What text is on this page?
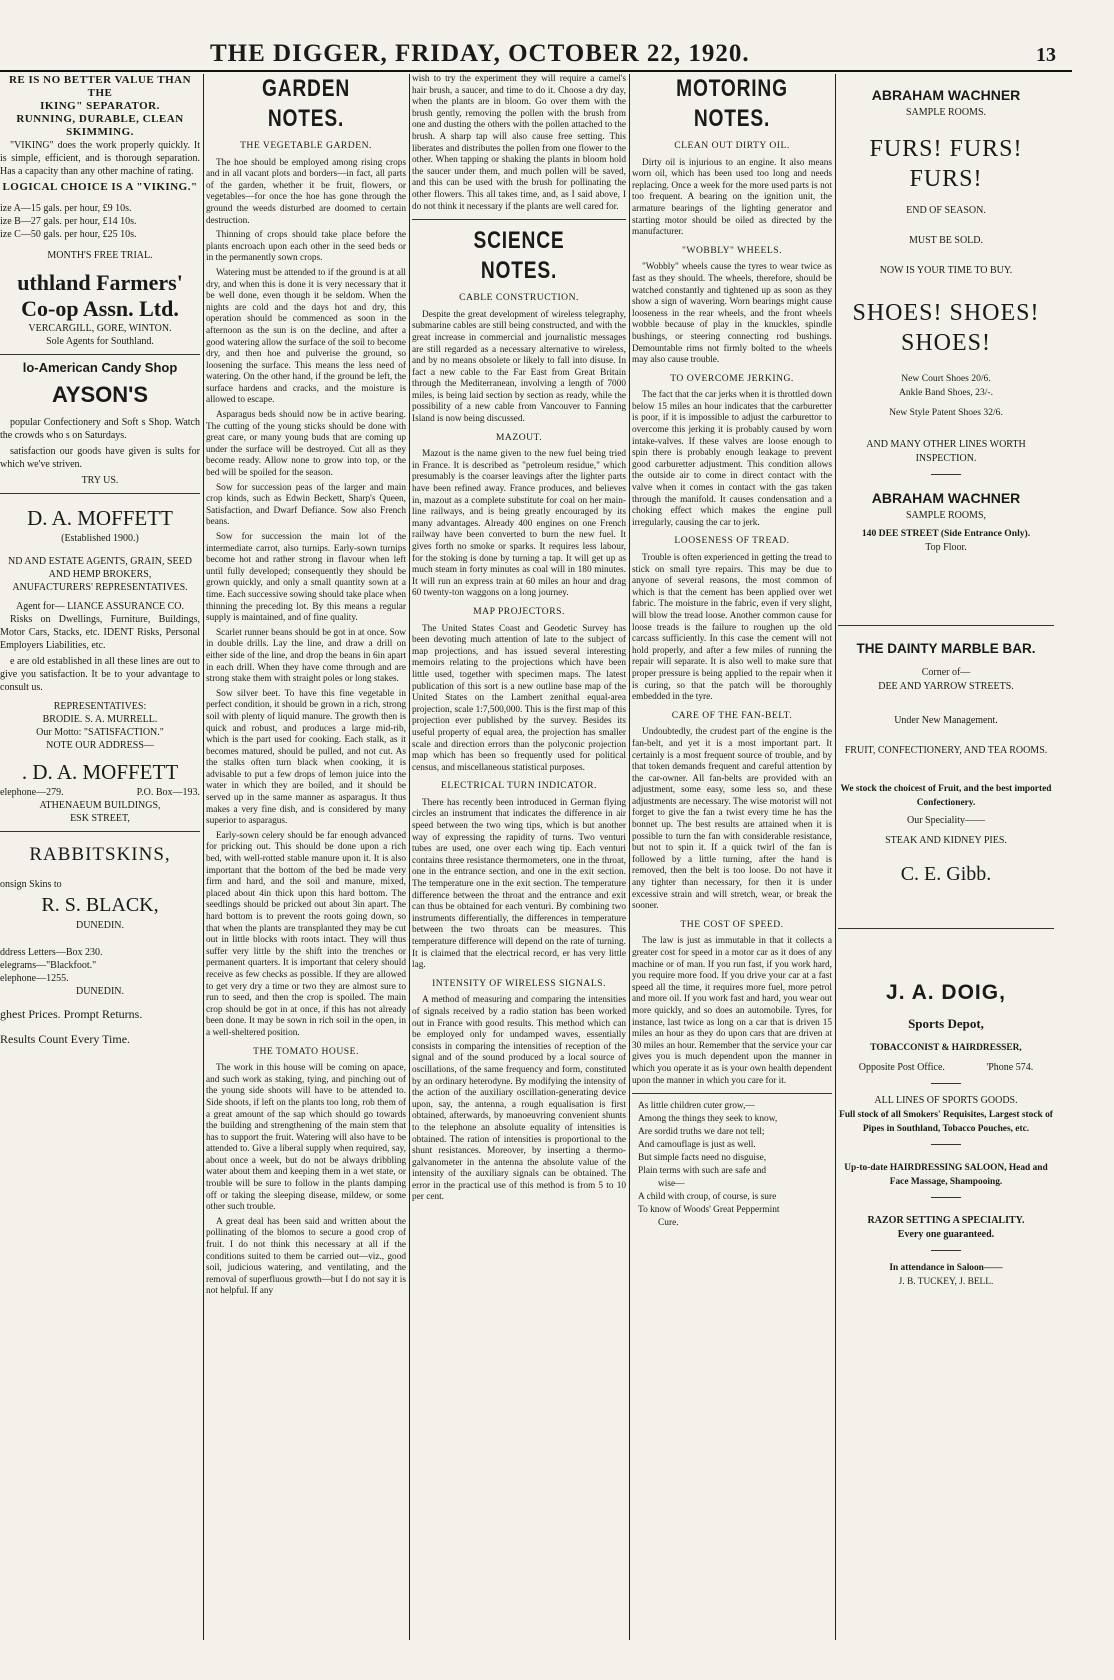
THE DIGGER, FRIDAY, OCTOBER 22, 1920.	13
RE IS NO BETTER VALUE THAN
THE
IKING" SEPARATOR.
RUNNING, DURABLE, CLEAN SKIMMING.

"VIKING" does the work properly quickly. It is simple, efficient, and is thorough separation. Has a capacity than any other machine of rating.

LOGICAL CHOICE IS A "VIKING."
ize A—15 gals. per hour, £9 10s.
ize B—27 gals. per hour, £14 10s.
ize C—50 gals. per hour, £25 10s.
MONTH'S FREE TRIAL.
uthland Farmers'
Co-op Assn. Ltd.
VERCARGILL, GORE, WINTON.
Sole Agents for Southland.
lo-American Candy Shop
AYSON'S

popular Confectionery and Soft s Shop. Watch the crowds who s on Saturdays.

satisfaction our goods have given is sults for which we've striven.

TRY US.
D. A. MOFFETT
(Established 1900.)
ND AND ESTATE AGENTS, GRAIN, SEED AND HEMP BROKERS,
ANUFACTURERS' REPRESENTATIVES.
Agent for— LIANCE ASSURANCE CO.

Risks on Dwellings, Furniture, Buildings, Motor Cars, Stacks, etc. IDENT Risks, Personal Employers Liabilities, etc.

e are old established in all these lines are out to give you satisfaction. It be to your advantage to consult us.

REPRESENTATIVES:
BRODIE. S. A. MURRELL.
Our Motto: "SATISFACTION."
NOTE OUR ADDRESS—
. D. A. MOFFETT
elephone—279.	P.O. Box—193.
ATHENAEUM BUILDINGS,
ESK STREET,
RABBITSKINS,
onsign Skins to
R. S. BLACK,
DUNEDIN.
ddress Letters—Box 230.
elegrams—"Blackfoot."
elephone—1255.
DUNEDIN.
ghest Prices. Prompt Returns.
Results Count Every Time.
GARDEN NOTES.
THE VEGETABLE GARDEN.

The hoe should be employed among rising crops and in all vacant plots and borders—in fact, all parts of the garden, whether it be fruit, flowers, or vegetables—for once the hoe has gone through the ground the weeds disturbed are doomed to certain destruction.

Thinning of crops should take place before the plants encroach upon each other in the seed beds or in the permanently sown crops.

Watering must be attended to if the ground is at all dry, and when this is done it is very necessary that it be well done, even though it be seldom. When the nights are cold and the days hot and dry, this operation should be commenced as soon in the afternoon as the sun is on the decline, and after a good watering allow the surface of the soil to become dry, and then hoe and pulverise the ground, so loosening the surface. This means the less need of watering. On the other hand, if the ground be left, the surface hardens and cracks, and the moisture is allowed to escape.

Asparagus beds should now be in active bearing. The cutting of the young sticks should be done with great care, or many young buds that are coming up under the surface will be destroyed. Cut all as they become ready. Allow none to grow into top, or the bed will be spoiled for the season.

Sow for succession peas of the larger and main crop kinds, such as Edwin Beckett, Sharp's Queen, Satisfaction, and Dwarf Defiance. Sow also French beans.

Sow for succession the main lot of the intermediate carrot, also turnips. Early-sown turnips become hot and rather strong in flavour when left until fully developed; consequently they should be grown quickly, and only a small quantity sown at a time. Each successive sowing should take place when thinning the preceding lot. By this means a regular supply is maintained, and of fine quality.

Scarlet runner beans should be got in at once. Sow in double drills. Lay the line, and draw a drill on either side of the line, and drop the beans in 6in apart in each drill. When they have come through and are strong stake them with straight poles or long stakes.

Sow silver beet. To have this fine vegetable in perfect condition, it should be grown in a rich, strong soil with plenty of liquid manure. The growth then is quick and robust, and produces a large mid-rib, which is the part used for cooking. Each stalk, as it becomes matured, should be pulled, and not cut. As the stalks often turn black when cooking, it is advisable to put a few drops of lemon juice into the water in which they are boiled, and it should be served up in the same manner as asparagus. It thus makes a very fine dish, and is considered by many superior to asparagus.

Early-sown celery should be far enough advanced for pricking out. This should be done upon a rich bed, with well-rotted stable manure upon it. It is also important that the bottom of the bed be made very firm and hard, and the soil and manure, mixed, placed about 4in thick upon this hard bottom. The seedlings should be pricked out about 3in apart. The hard bottom is to prevent the roots going down, so that when the plants are transplanted they may be cut out in little blocks with roots intact. They will thus suffer very little by the shift into the trenches or permanent quarters. It is important that celery should receive as few checks as possible. If they are allowed to get very dry a time or two they are almost sure to run to seed, and then the crop is spoiled. The main crop should be got in at once, if this has not already been done. It may be sown in rich soil in the open, in a well-sheltered position.

THE TOMATO HOUSE.

The work in this house will be coming on apace, and such work as staking, tying, and pinching out of the young side shoots will have to be attended to. Side shoots, if left on the plants too long, rob them of a great amount of the sap which should go towards the building and strengthening of the main stem that has to support the fruit. Watering will also have to be attended to. Give a liberal supply when required, say, about once a week, but do not be always dribbling water about them and keeping them in a wet state, or trouble will be sure to follow in the plants damping off or taking the sleeping disease, mildew, or some other such trouble.

A great deal has been said and written about the pollinating of the blomos to secure a good crop of fruit. I do not think this necessary at all if the conditions suited to them be carried out—viz., good soil, judicious watering, and ventilating, and the removal of superfluous growth—but I do not say it is not helpful. If any

wish to try the experiment they will require a camel's hair brush, a saucer, and time to do it. Choose a dry day, when the plants are in bloom. Go over them with the brush gently, removing the pollen with the brush from one and dusting the others with the pollen attached to the brush. A sharp tap will also cause free setting. This liberates and distributes the pollen from one flower to the other. When tapping or shaking the plants in bloom hold the saucer under them, and much pollen will be saved, and this can be used with the brush for pollinating the other flowers. This all takes time, and, as I said above, I do not think it necessary if the plants are well cared for.

SCIENCE NOTES.
CABLE CONSTRUCTION.

Despite the great development of wireless telegraphy, submarine cables are still being constructed, and with the great increase in commercial and journalistic messages are still regarded as a necessary alternative to wireless, and by no means obsolete or likely to fall into disuse. In fact a new cable to the Far East from Great Britain through the Mediterranean, involving a length of 7000 miles, is being laid section by section as ready, while the possibility of a new cable from Vancouver to Fanning Island is now being discussed.

MAZOUT.

Mazout is the name given to the new fuel being tried in France. It is described as "petroleum residue," which presumably is the coarser leavings after the lighter parts have been refined away. France produces, and believes in, mazout as a complete substitute for coal on her main-line railways, and is being greatly encouraged by its many advantages. Already 400 engines on one French railway have been converted to burn the new fuel. It gives forth no smoke or sparks. It requires less labour, for the stoking is done by turning a tap. It will get up as much steam in forty minutes as coal will in 180 minutes. It will run an express train at 60 miles an hour and drag 60 twenty-ton waggons on a long journey.

MAP PROJECTORS.

The United States Coast and Geodetic Survey has been devoting much attention of late to the subject of map projections, and has issued several interesting memoirs relating to the projections which have been little used, together with specimen maps. The latest publication of this sort is a new outline base map of the United States on the Lambert zenithal equal-area projection, scale 1:7,500,000. This is the first map of this projection ever published by the survey. Besides its useful property of equal area, the projection has smaller scale and direction errors than the polyconic projection map which has been so frequently used for political census, and miscellaneous statistical purposes.

ELECTRICAL TURN INDICATOR.

There has recently been introduced in German flying circles an instrument that indicates the difference in air speed between the two wing tips, which is but another way of expressing the rapidity of turns. Two venturi tubes are used, one over each wing tip. Each venturi contains three resistance thermometers, one in the throat, one in the entrance section, and one in the exit section. The temperature one in the exit section. The temperature difference between the throat and the entrance and exit can thus be obtained for each venturi. By combining two instruments differentially, the differences in temperature between the two throats can be measures. This temperature difference will depend on the rate of turning. It is claimed that the electrical record, er has very little lag.

INTENSITY OF WIRELESS SIGNALS.

A method of measuring and comparing the intensities of signals received by a radio station has been worked out in France with good results. This method which can be employed only for undamped waves, essentially consists in comparing the intensities of reception of the signal and of the sound produced by a local source of oscillations, of the same frequency and form, constituted by an ordinary heterodyne. By modifying the intensity of the action of the auxiliary oscillation-generating device upon, say, the antenna, a rough equalisation is first obtained, afterwards, by manoeuvring convenient shunts to the telephone an absolute equality of intensities is obtained. The ration of intensities is proportional to the shunt resistances. Moreover, by inserting a thermo-galvanometer in the antenna the absolute value of the intensity of the auxiliary signals can be obtained. The error in the practical use of this method is from 5 to 10 per cent.

MOTORING NOTES.
CLEAN OUT DIRTY OIL.

Dirty oil is injurious to an engine. It also means worn oil, which has been used too long and needs replacing. Once a week for the more used parts is not too frequent. A bearing on the ignition unit, the armature bearings of the lighting generator and starting motor should be oiled as directed by the manufacturer.

"WOBBLY" WHEELS.

"Wobbly" wheels cause the tyres to wear twice as fast as they should. The wheels, therefore, should be watched constantly and tightened up as soon as they show a sign of wavering. Worn bearings might cause looseness in the rear wheels, and the front wheels wobble because of play in the knuckles, spindle bushings, or steering connecting rod bushings. Demountable rims not firmly bolted to the wheels may also cause trouble.

TO OVERCOME JERKING.

The fact that the car jerks when it is throttled down below 15 miles an hour indicates that the carburetter is poor, if it is impossible to adjust the carburettor to overcome this jerking it is probably caused by worn intake-valves. If these valves are loose enough to spin there is probably enough leakage to prevent good carburetter adjustment. This condition allows the outside air to come in direct contact with the valve when it comes in contact with the gas taken through the manifold. It causes condensation and a choking effect which makes the engine pull irregularly, causing the car to jerk.

LOOSENESS OF TREAD.

Trouble is often experienced in getting the tread to stick on small tyre repairs. This may be due to anyone of several reasons, the most common of which is that the cement has been applied over wet fabric. The moisture in the fabric, even if very slight, will blow the tread loose. Another common cause for loose treads is the failure to roughen up the old carcass sufficiently. In this case the cement will not hold properly, and after a few miles of running the repair will separate. It is also well to make sure that proper pressure is being applied to the repair when it is curing, so that the patch will be thoroughly embedded in the tyre.

CARE OF THE FAN-BELT.

Undoubtedly, the crudest part of the engine is the fan-belt, and yet it is a most important part. It certainly is a most frequent source of trouble, and by that token demands frequent and careful attention by the car-owner. All fan-belts are provided with an adjustment, some easy, some less so, and these adjustments are necessary. The wise motorist will not forget to give the fan a twist every time he has the bonnet up. The best results are attained when it is possible to turn the fan with considerable resistance, but not to spin it. If a quick twirl of the fan is followed by a little turning, after the hand is removed, then the belt is too loose. Do not have it any tighter than necessary, for then it is under excessive strain and will stretch, wear, or break the sooner.

THE COST OF SPEED.

The law is just as immutable in that it collects a greater cost for speed in a motor car as it does of any machine or of man. If you run fast, if you work hard, you require more food. If you drive your car at a fast speed all the time, it requires more fuel, more petrol and more oil. If you work fast and hard, you wear out more quickly, and so does an automobile. Tyres, for instance, last twice as long on a car that is driven 15 miles an hour as they do upon cars that are driven at 30 miles an hour. Remember that the service your car gives you is much dependent upon the manner in which you operate it as is your own health dependent upon the manner in which you care for it.

As little children cuter grow,—

Among the things they seek to know,

Are sordid truths we dare not tell;

And camouflage is just as well.

But simple facts need no disguise,

Plain terms with such are safe and

wise—

A child with croup, of course, is sure

To know of Woods' Great Peppermint

Cure.

ABRAHAM WACHNER
SAMPLE ROOMS.
FURS! FURS! FURS!
END OF SEASON.
MUST BE SOLD.
NOW IS YOUR TIME TO BUY.
SHOES! SHOES! SHOES!
New Court Shoes 20/6.
Ankle Band Shoes, 23/-.
New Style Patent Shoes 32/6.
AND MANY OTHER LINES WORTH INSPECTION.
ABRAHAM WACHNER
SAMPLE ROOMS,
140 DEE STREET (Side Entrance Only).
Top Floor.
THE DAINTY MARBLE BAR.
Corner of—
DEE AND YARROW STREETS.
Under New Management.
FRUIT, CONFECTIONERY, AND TEA ROOMS.
We stock the choicest of Fruit, and the best imported Confectionery.
Our Speciality——
STEAK AND KIDNEY PIES.
C. E. Gibb.
J. A. DOIG,
Sports Depot,
TOBACCONIST & HAIRDRESSER,
Opposite Post Office.	'Phone 574.
ALL LINES OF SPORTS GOODS.
Full stock of all Smokers' Requisites, Largest stock of Pipes in Southland, Tobacco Pouches, etc.
Up-to-date HAIRDRESSING SALOON, Head and Face Massage, Shampooing.
RAZOR SETTING A SPECIALITY.
Every one guaranteed.
In attendance in Saloon——
J. B. TUCKEY, J. BELL.
